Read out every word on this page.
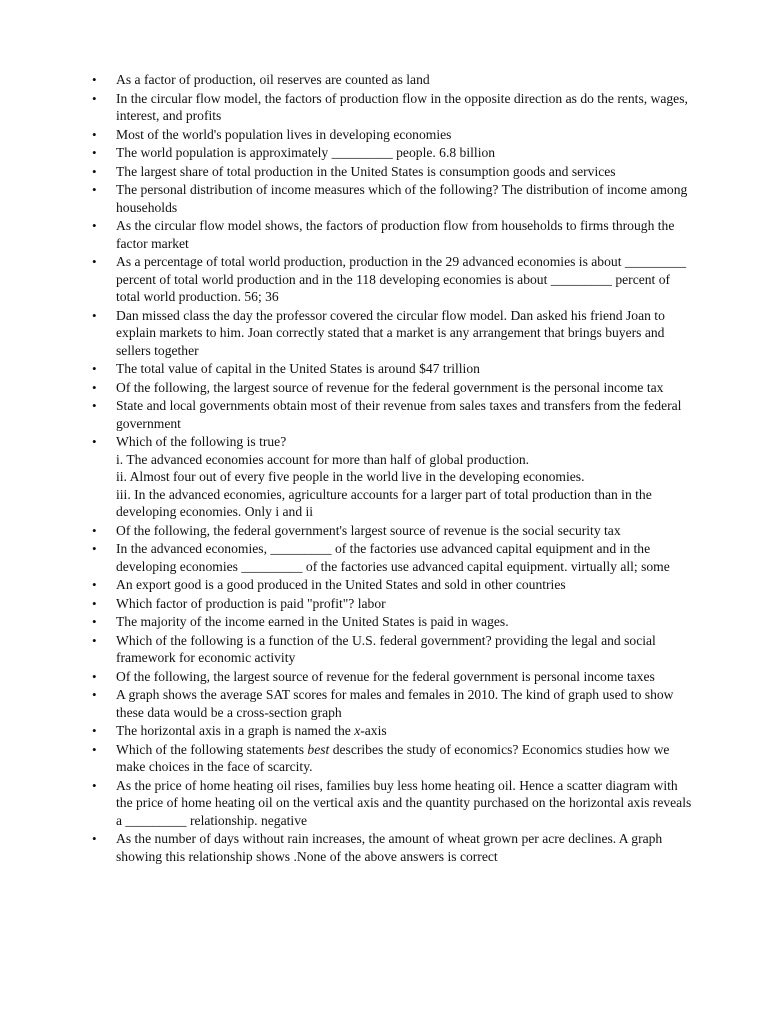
• As a factor of production, oil reserves are counted as land
• In the circular flow model, the factors of production flow in the opposite direction as do the rents, wages, interest, and profits
• Most of the world's population lives in developing economies
• The world population is approximately _________ people. 6.8 billion
• The largest share of total production in the United States is consumption goods and services
• The personal distribution of income measures which of the following? The distribution of income among households
• As the circular flow model shows, the factors of production flow from households to firms through the factor market
• As a percentage of total world production, production in the 29 advanced economies is about _________ percent of total world production and in the 118 developing economies is about _________ percent of total world production. 56; 36
• Dan missed class the day the professor covered the circular flow model. Dan asked his friend Joan to explain markets to him. Joan correctly stated that a market is any arrangement that brings buyers and sellers together
• The total value of capital in the United States is around $47 trillion
• Of the following, the largest source of revenue for the federal government is the personal income tax
• State and local governments obtain most of their revenue from sales taxes and transfers from the federal government
• Which of the following is true?
i. The advanced economies account for more than half of global production.
ii. Almost four out of every five people in the world live in the developing economies.
iii. In the advanced economies, agriculture accounts for a larger part of total production than in the developing economies. Only i and ii
• Of the following, the federal government's largest source of revenue is the social security tax
• In the advanced economies, _________ of the factories use advanced capital equipment and in the developing economies _________ of the factories use advanced capital equipment. virtually all; some
• An export good is a good produced in the United States and sold in other countries
• Which factor of production is paid "profit"? labor
• The majority of the income earned in the United States is paid in wages.
• Which of the following is a function of the U.S. federal government? providing the legal and social framework for economic activity
• Of the following, the largest source of revenue for the federal government is personal income taxes
• A graph shows the average SAT scores for males and females in 2010. The kind of graph used to show these data would be a cross-section graph
• The horizontal axis in a graph is named the x-axis
• Which of the following statements best describes the study of economics? Economics studies how we make choices in the face of scarcity.
• As the price of home heating oil rises, families buy less home heating oil. Hence a scatter diagram with the price of home heating oil on the vertical axis and the quantity purchased on the horizontal axis reveals a _________ relationship. negative
• As the number of days without rain increases, the amount of wheat grown per acre declines. A graph showing this relationship shows .None of the above answers is correct
